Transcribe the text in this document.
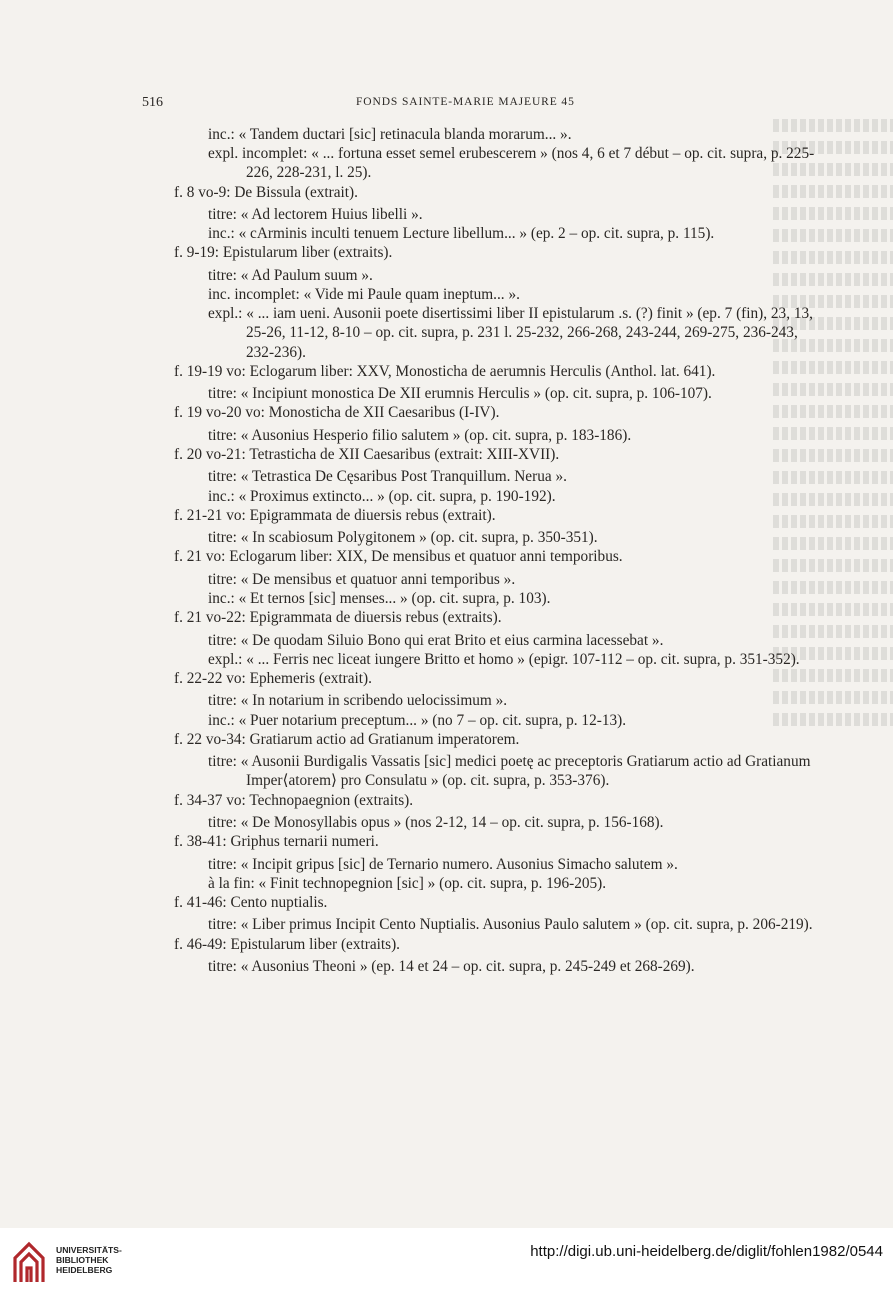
516	FONDS SAINTE-MARIE MAJEURE 45
inc.: « Tandem ductari [sic] retinacula blanda morarum... ».
expl. incomplet: « ... fortuna esset semel erubescerem » (nos 4, 6 et 7 début – op. cit. supra, p. 225-226, 228-231, l. 25).
f. 8 vo-9: De Bissula (extrait).
titre: « Ad lectorem Huius libelli ».
inc.: « cArminis inculti tenuem Lecture libellum... » (ep. 2 – op. cit. supra, p. 115).
f. 9-19: Epistularum liber (extraits).
titre: « Ad Paulum suum ».
inc. incomplet: « Vide mi Paule quam ineptum... ».
expl.: « ... iam ueni. Ausonii poete disertissimi liber II epistularum .s. (?) finit » (ep. 7 (fin), 23, 13, 25-26, 11-12, 8-10 – op. cit. supra, p. 231 l. 25-232, 266-268, 243-244, 269-275, 236-243, 232-236).
f. 19-19 vo: Eclogarum liber: XXV, Monosticha de aerumnis Herculis (Anthol. lat. 641).
titre: « Incipiunt monostica De XII erumnis Herculis » (op. cit. supra, p. 106-107).
f. 19 vo-20 vo: Monosticha de XII Caesaribus (I-IV).
titre: « Ausonius Hesperio filio salutem » (op. cit. supra, p. 183-186).
f. 20 vo-21: Tetrasticha de XII Caesaribus (extrait: XIII-XVII).
titre: « Tetrastica De Cęsaribus Post Tranquillum. Nerua ».
inc.: « Proximus extincto... » (op. cit. supra, p. 190-192).
f. 21-21 vo: Epigrammata de diuersis rebus (extrait).
titre: « In scabiosum Polygitonem » (op. cit. supra, p. 350-351).
f. 21 vo: Eclogarum liber: XIX, De mensibus et quatuor anni temporibus.
titre: « De mensibus et quatuor anni temporibus ».
inc.: « Et ternos [sic] menses... » (op. cit. supra, p. 103).
f. 21 vo-22: Epigrammata de diuersis rebus (extraits).
titre: « De quodam Siluio Bono qui erat Brito et eius carmina lacessebat ».
expl.: « ... Ferris nec liceat iungere Britto et homo » (epigr. 107-112 – op. cit. supra, p. 351-352).
f. 22-22 vo: Ephemeris (extrait).
titre: « In notarium in scribendo uelocissimum ».
inc.: « Puer notarium preceptum... » (no 7 – op. cit. supra, p. 12-13).
f. 22 vo-34: Gratiarum actio ad Gratianum imperatorem.
titre: « Ausonii Burdigalis Vassatis [sic] medici poetę ac preceptoris Gratiarum actio ad Gratianum Imper⟨atorem⟩ pro Consulatu » (op. cit. supra, p. 353-376).
f. 34-37 vo: Technopaegnion (extraits).
titre: « De Monosyllabis opus » (nos 2-12, 14 – op. cit. supra, p. 156-168).
f. 38-41: Griphus ternarii numeri.
titre: « Incipit gripus [sic] de Ternario numero. Ausonius Simacho salutem ».
à la fin: « Finit technopegnion [sic] » (op. cit. supra, p. 196-205).
f. 41-46: Cento nuptialis.
titre: « Liber primus Incipit Cento Nuptialis. Ausonius Paulo salutem » (op. cit. supra, p. 206-219).
f. 46-49: Epistularum liber (extraits).
titre: « Ausonius Theoni » (ep. 14 et 24 – op. cit. supra, p. 245-249 et 268-269).
UNIVERSITÄTS-
BIBLIOTHEK
HEIDELBERG
http://digi.ub.uni-heidelberg.de/diglit/fohlen1982/0544
